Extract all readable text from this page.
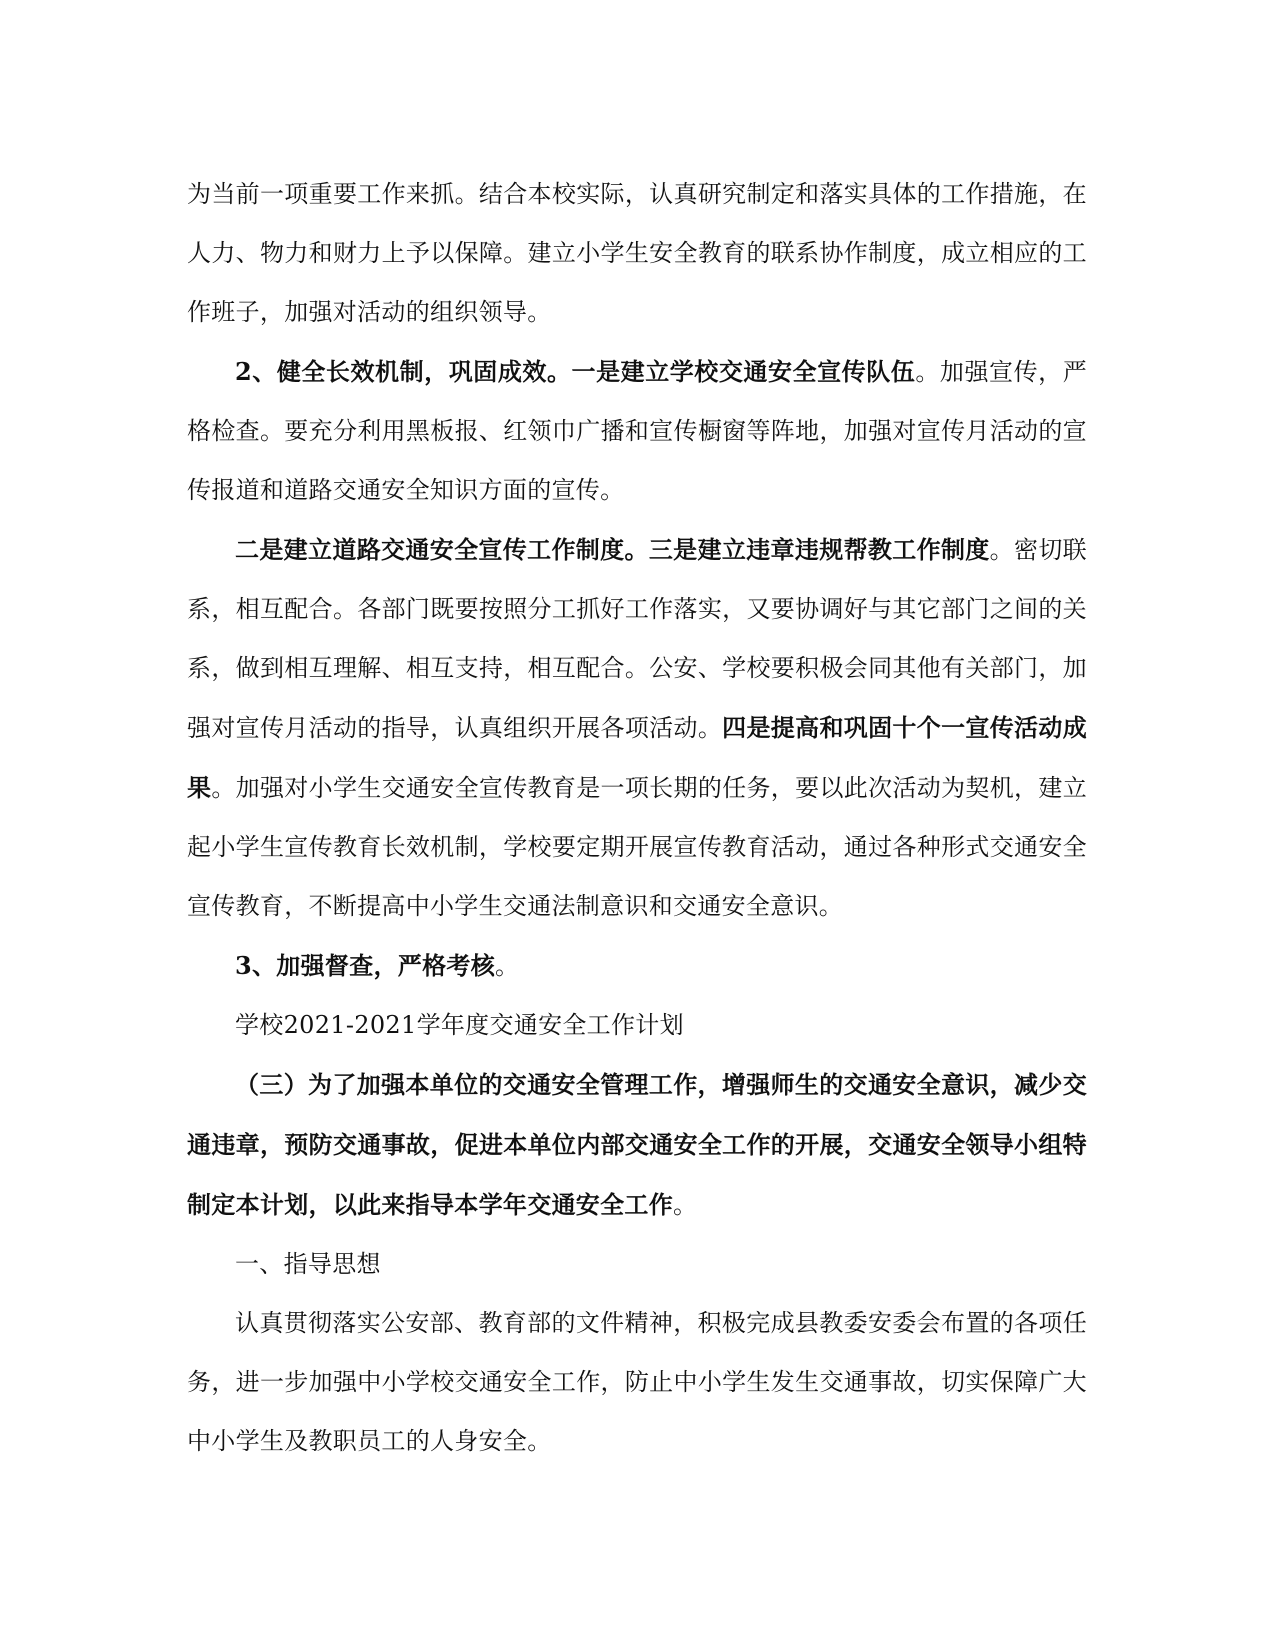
为当前一项重要工作来抓。结合本校实际，认真研究制定和落实具体的工作措施，在人力、物力和财力上予以保障。建立小学生安全教育的联系协作制度，成立相应的工作班子，加强对活动的组织领导。

2、健全长效机制，巩固成效。一是建立学校交通安全宣传队伍。加强宣传，严格检查。要充分利用黑板报、红领巾广播和宣传橱窗等阵地，加强对宣传月活动的宣传报道和道路交通安全知识方面的宣传。

二是建立道路交通安全宣传工作制度。三是建立违章违规帮教工作制度。密切联系，相互配合。各部门既要按照分工抓好工作落实，又要协调好与其它部门之间的关系，做到相互理解、相互支持，相互配合。公安、学校要积极会同其他有关部门，加强对宣传月活动的指导，认真组织开展各项活动。四是提高和巩固十个一宣传活动成果。加强对小学生交通安全宣传教育是一项长期的任务，要以此次活动为契机，建立起小学生宣传教育长效机制，学校要定期开展宣传教育活动，通过各种形式交通安全宣传教育，不断提高中小学生交通法制意识和交通安全意识。

3、加强督查，严格考核。

学校2021-2021学年度交通安全工作计划

（三）为了加强本单位的交通安全管理工作，增强师生的交通安全意识，减少交通违章，预防交通事故，促进本单位内部交通安全工作的开展，交通安全领导小组特制定本计划，以此来指导本学年交通安全工作。

一、指导思想

认真贯彻落实公安部、教育部的文件精神，积极完成县教委安委会布置的各项任务，进一步加强中小学校交通安全工作，防止中小学生发生交通事故，切实保障广大中小学生及教职员工的人身安全。
